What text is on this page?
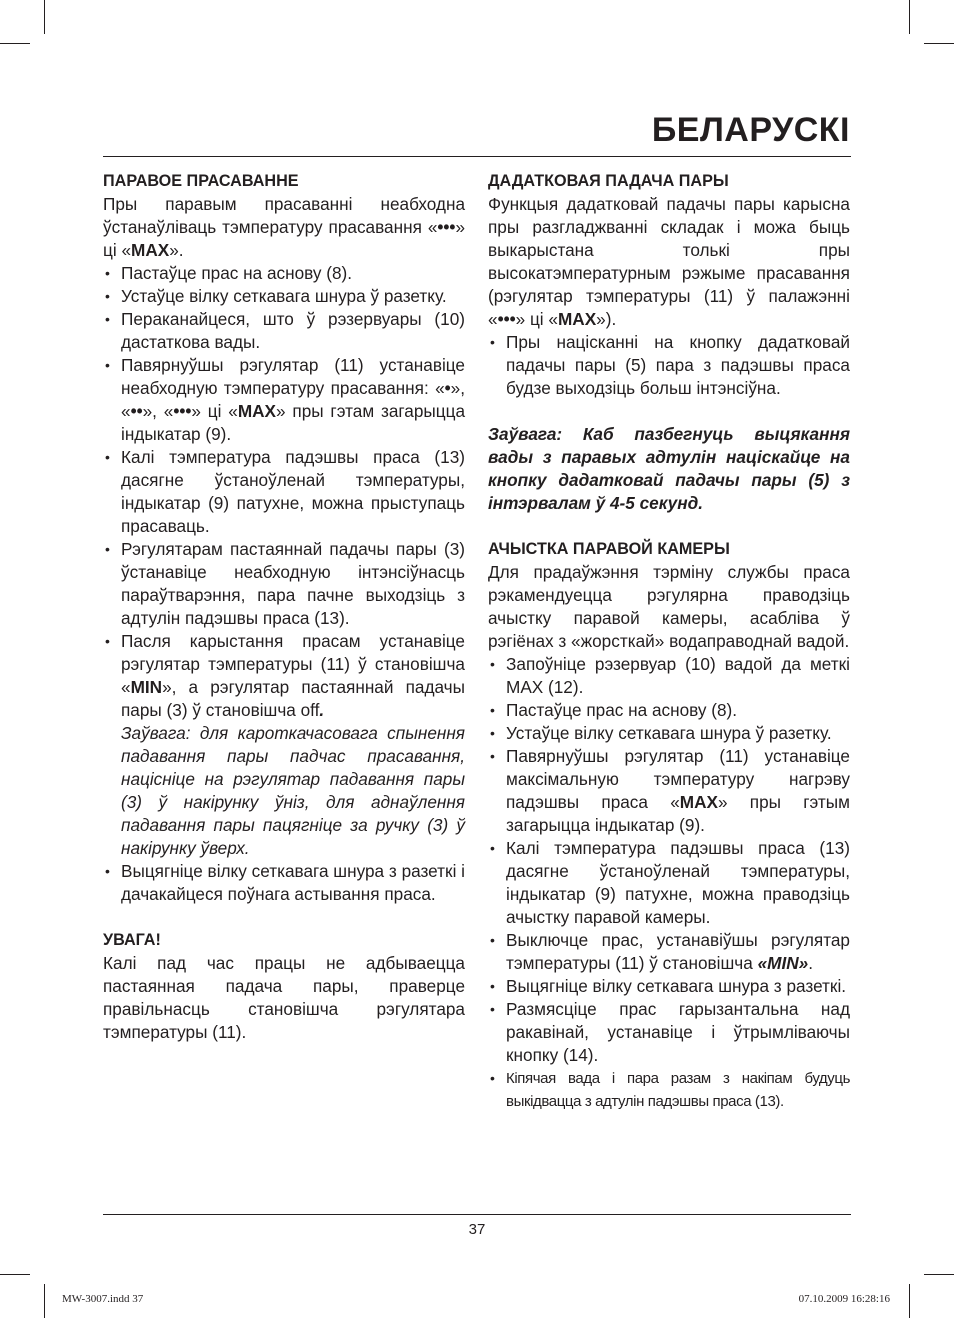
БЕЛАРУСКІ
ПАРАВОЕ ПРАСАВАННЕ
Пры паравым прасаванні неабходна ўстанаўліваць тэмпературу прасавання «•••» ці «MAX».
• Пастаўце прас на аснову (8).
• Устаўце вілку сеткавага шнура ў разетку.
• Пераканайцеся, што ў рэзервуары (10) дастаткова вады.
• Павярнуўшы рэгулятар (11) устанавіце неабходную тэмпературу прасавання: «•», «••», «•••» ці «MAX» пры гэтам загарыцца індыкатар (9).
• Калі тэмпература падэшвы праса (13) дасягне ўстаноўленай тэмпературы, індыкатар (9) патухне, можна прыступаць прасаваць.
• Рэгулятарам пастаяннай падачы пары (3) ўстанавіце неабходную інтэнсіўнасць параўтварэння, пара пачне выходзіць з адтулін падэшвы праса (13).
• Пасля карыстання прасам устанавіце рэгулятар тэмпературы (11) ў становішча «MIN», а рэгулятар пастаяннай падачы пары (3) ў становішча off.
Заўвага: для кароткачасовага спынення падавання пары падчас прасавання, націсніце на рэгулятар падавання пары (3) ў накірунку ўніз, для аднаўлення падавання пары пацягніце за ручку (3) ў накірунку ўверх.
• Выцягніце вілку сеткавага шнура з разеткі і дачакайцеся поўнага астывання праса.
УВАГА!
Калі пад час працы не адбываецца пастаянная падача пары, праверце правільнасць становішча рэгулятара тэмпературы (11).
ДАДАТКОВАЯ ПАДАЧА ПАРЫ
Функцыя дадатковай падачы пары карысна пры разгладжванні складак і можа быць выкарыстана толькі пры высокатэмпературным рэжыме прасавання (рэгулятар тэмпературы (11) ў палажэнні «•••» ці «MAX»).
• Пры націсканні на кнопку дадатковай падачы пары (5) пара з падэшвы праса будзе выходзіць больш інтэнсіўна.
Заўвага: Каб пазбегнуць выцякання вады з паравых адтулін націскайце на кнопку дадатковай падачы пары (5) з інтэрвалам ў 4-5 секунд.
АЧЫСТКА ПАРАВОЙ КАМЕРЫ
Для прадаўжэння тэрміну службы праса рэкамендуецца рэгулярна праводзіць ачыстку паравой камеры, асабліва ў рэгіёнах з «жорсткай» водаправоднай вадой.
• Запоўніце рэзервуар (10) вадой да меткі MAX (12).
• Пастаўце прас на аснову (8).
• Устаўце вілку сеткавага шнура ў разетку.
• Павярнуўшы рэгулятар (11) устанавіце максімальную тэмпературу нагрэву падэшвы праса «MAX» пры гэтым загарыцца індыкатар (9).
• Калі тэмпература падэшвы праса (13) дасягне ўстаноўленай тэмпературы, індыкатар (9) патухне, можна праводзіць ачыстку паравой камеры.
• Выключце прас, устанавіўшы рэгулятар тэмпературы (11) ў становішча «MIN».
• Выцягніце вілку сеткавага шнура з разеткі.
• Размясціце прас гарызантальна над ракавінай, устанавіце і ўтрымліваючы кнопку (14).
• Кіпячая вада і пара разам з накіпам будуць выкідвацца з адтулін падэшвы праса (13).
37
MW-3007.indd 37	07.10.2009 16:28:16
